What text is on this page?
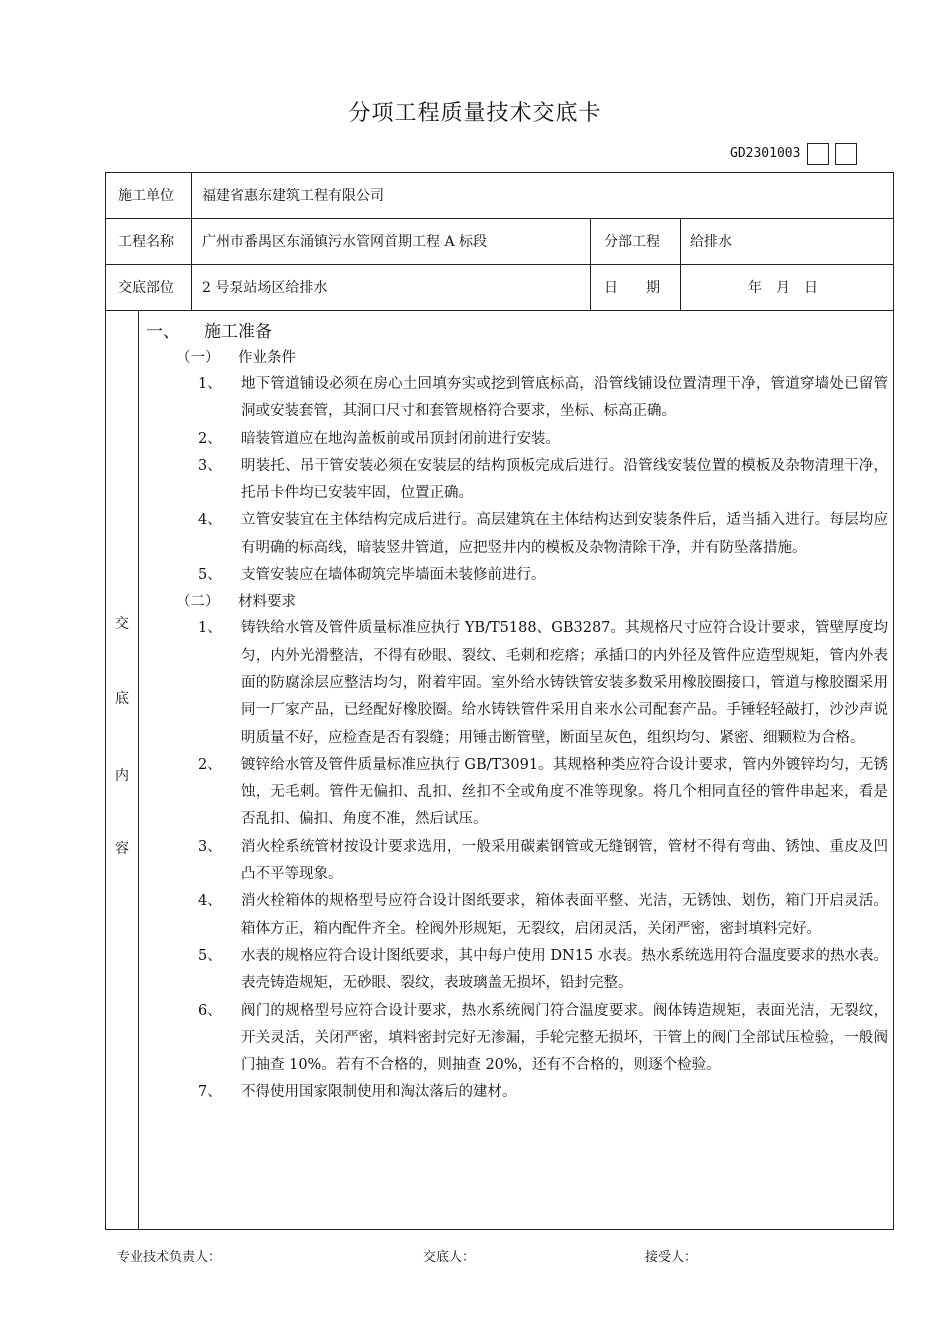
分项工程质量技术交底卡
GD2301003
施工单位 福建省惠东建筑工程有限公司
工程名称 广州市番禺区东涌镇污水管网首期工程 A 标段	分部工程 给排水
交底部位 2 号泵站场区给排水	日　　期	年　月　日
交
底
内
容
一、 施工准备
（一） 作业条件
1、 地下管道铺设必须在房心土回填夯实或挖到管底标高，沿管线铺设位置清理干净，管道穿墙处已留管洞或安装套管，其洞口尺寸和套管规格符合要求，坐标、标高正确。
2、 暗装管道应在地沟盖板前或吊顶封闭前进行安装。
3、 明装托、吊干管安装必须在安装层的结构顶板完成后进行。沿管线安装位置的模板及杂物清理干净，托吊卡件均已安装牢固，位置正确。
4、 立管安装宜在主体结构完成后进行。高层建筑在主体结构达到安装条件后，适当插入进行。每层均应有明确的标高线，暗装竖井管道，应把竖井内的模板及杂物清除干净，并有防坠落措施。
5、 支管安装应在墙体砌筑完毕墙面未装修前进行。
（二） 材料要求
1、 铸铁给水管及管件质量标准应执行 YB/T5188、GB3287。其规格尺寸应符合设计要求，管壁厚度均匀，内外光滑整洁，不得有砂眼、裂纹、毛刺和疙瘩；承插口的内外径及管件应造型规矩，管内外表面的防腐涂层应整洁均匀，附着牢固。室外给水铸铁管安装多数采用橡胶圈接口，管道与橡胶圈采用同一厂家产品，已经配好橡胶圈。给水铸铁管件采用自来水公司配套产品。手锤轻轻敲打，沙沙声说明质量不好，应检查是否有裂缝；用锤击断管壁，断面呈灰色，组织均匀、紧密、细颗粒为合格。
2、 镀锌给水管及管件质量标准应执行 GB/T3091。其规格种类应符合设计要求，管内外镀锌均匀，无锈蚀，无毛刺。管件无偏扣、乱扣、丝扣不全或角度不准等现象。将几个相同直径的管件串起来，看是否乱扣、偏扣、角度不准，然后试压。
3、 消火栓系统管材按设计要求选用，一般采用碳素钢管或无缝钢管，管材不得有弯曲、锈蚀、重皮及凹凸不平等现象。
4、 消火栓箱体的规格型号应符合设计图纸要求，箱体表面平整、光洁，无锈蚀、划伤，箱门开启灵活。箱体方正，箱内配件齐全。栓阀外形规矩，无裂纹，启闭灵活，关闭严密，密封填料完好。
5、 水表的规格应符合设计图纸要求，其中每户使用 DN15 水表。热水系统选用符合温度要求的热水表。表壳铸造规矩，无砂眼、裂纹，表玻璃盖无损坏，铅封完整。
6、 阀门的规格型号应符合设计要求，热水系统阀门符合温度要求。阀体铸造规矩，表面光洁，无裂纹，开关灵活，关闭严密，填料密封完好无渗漏，手轮完整无损坏，干管上的阀门全部试压检验，一般阀门抽查 10%。若有不合格的，则抽查 20%，还有不合格的，则逐个检验。
7、 不得使用国家限制使用和淘汰落后的建材。
专业技术负责人：	交底人：	接受人：
